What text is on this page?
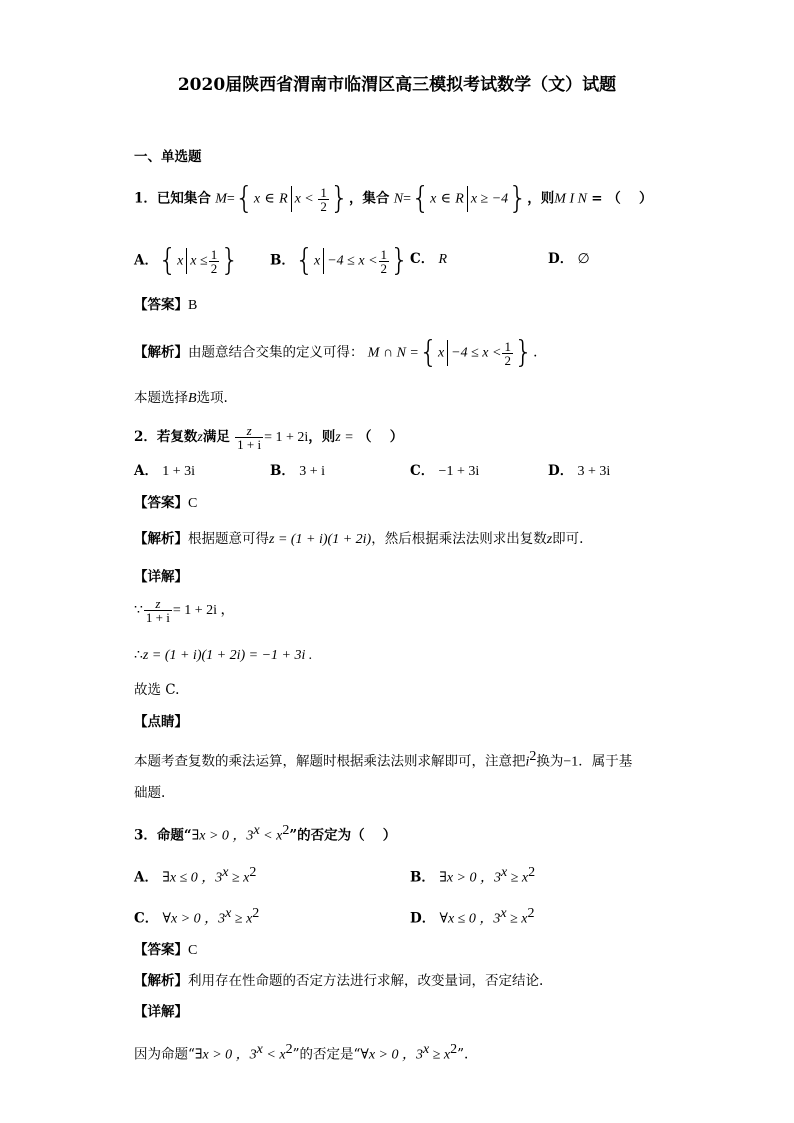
2020届陕西省渭南市临渭区高三模拟考试数学（文）试题
一、单选题
1．已知集合 M={x ∈ R $x < \frac{1}{2}$ }，集合 N={x ∈ R x ≥ −4}，则M I N = （　 ）
A．{x $x \le \frac{1}{2}$ } B．{$x -4 \le x < \frac{1}{2}$ } C． R	D． ∅
【答案】B
【解析】由题意结合交集的定义可得： M ∩ $N =\{x -4 \le x < \frac{1}{2}$ }.
本题选择B选项.
2．若复数z满足 $\frac{z}{1 + i} = 1 + 2i$，则z = （　 ）
A． 1 + 3i	B． 3 + i	C． −1 + 3i	D． 3 + 3i
【答案】C
【解析】根据题意可得z = (1 + i)(1 + 2i)，然后根据乘法法则求出复数z即可.
【详解】
∵ $\frac{z}{1 + i} = 1 + 2i$ ，
∴z = (1 + i)(1 + 2i) = −1 + 3i .
故选 C.
【点睛】
本题考查复数的乘法运算，解题时根据乘法法则求解即可，注意把$i^2$换为−1．属于基
础题.
3．命题“∃x > 0 ，$3^x < x^2$”的否定为（　 ）
A． ∃x ≤ 0 ，$3^x \ge x^2$	B． ∃x > 0 ，$3^x \ge x^2$
C． ∀x > 0 ，$3^x \ge x^2$	D． ∀x ≤ 0 ，$3^x \ge x^2$
【答案】C
【解析】利用存在性命题的否定方法进行求解，改变量词，否定结论.
【详解】
因为命题“∃x > 0 ，$3^x < x^2$”的否定是“∀x > 0 ，$3^x \ge x^2$”.
